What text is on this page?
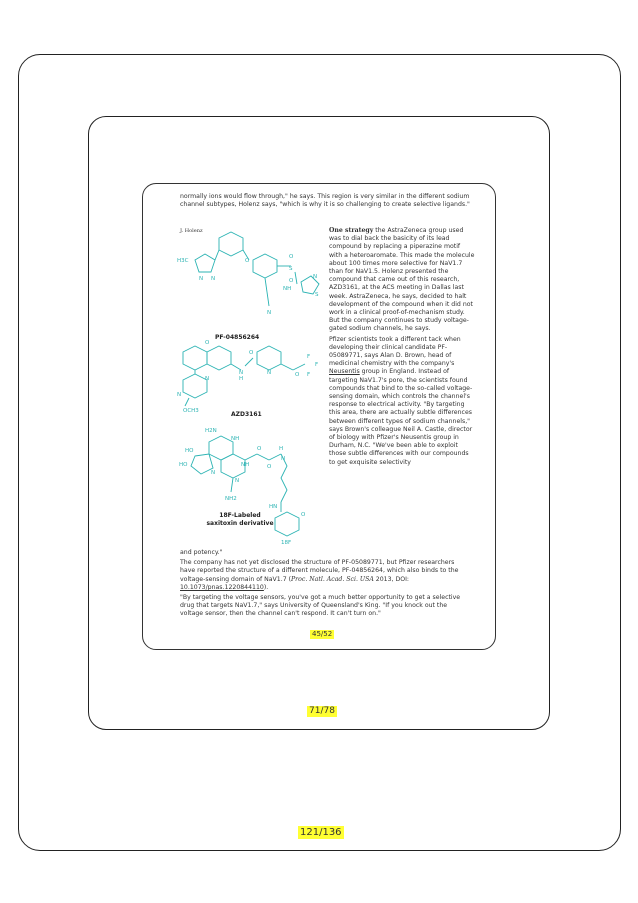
normally ions would flow through," he says. This region is very similar in the different sodium channel subtypes, Holenz says, "which is why it is so challenging to create selective ligands."
J. Holenz
H3C
N N
O
O
S
O
NH
N
S
N
O
N
H
O
O
F
F
F
N
N
OCH3
N
H2N
NH
HO
HO
N
N
NH
O
O
H
N
NH2
HN
O
18F
PF-04856264
AZD3161
18F-Labeled
saxitoxin derivative

One strategy the AstraZeneca group used was to dial back the basicity of its lead compound by replacing a piperazine motif with a heteroaromate. This made the molecule about 100 times more selective for NaV1.7 than for NaV1.5. Holenz presented the compound that came out of this research, AZD3161, at the ACS meeting in Dallas last week. AstraZeneca, he says, decided to halt development of the compound when it did not work in a clinical proof-of-mechanism study. But the company continues to study voltage-gated sodium channels, he says.

Pfizer scientists took a different tack when developing their clinical candidate PF-05089771, says Alan D. Brown, head of medicinal chemistry with the company's Neusentis group in England. Instead of targeting NaV1.7's pore, the scientists found compounds that bind to the so-called voltage-sensing domain, which controls the channel's response to electrical activity. "By targeting this area, there are actually subtle differences between different types of sodium channels," says Brown's colleague Neil A. Castle, director of biology with Pfizer's Neusentis group in Durham, N.C. "We've been able to exploit those subtle differences with our compounds to get exquisite selectivity

and potency."

The company has not yet disclosed the structure of PF-05089771, but Pfizer researchers have reported the structure of a different molecule, PF-04856264, which also binds to the voltage-sensing domain of NaV1.7 (Proc. Natl. Acad. Sci. USA 2013, DOI: 10.1073/pnas.1220844110).

"By targeting the voltage sensors, you've got a much better opportunity to get a selective drug that targets NaV1.7," says University of Queensland's King. "If you knock out the voltage sensor, then the channel can't respond. It can't turn on."

45/52
71/78
121/136
